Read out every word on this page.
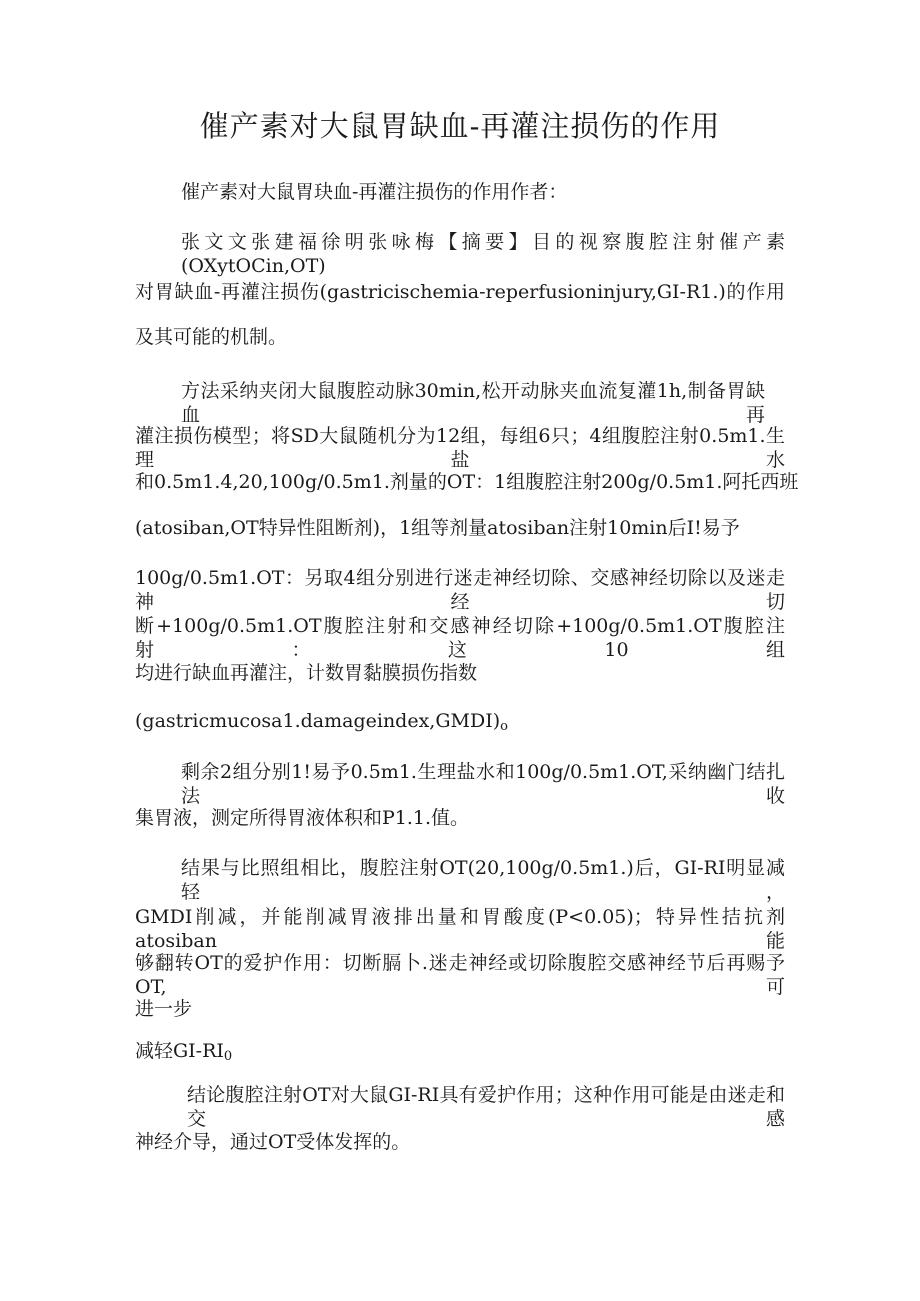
催产素对大鼠胃缺血-再灌注损伤的作用
催产素对大鼠胃玦血-再灌注损伤的作用作者：
张文文张建福徐明张咏梅【摘要】目的视察腹腔注射催产素(OXytOCin,OT)
对胃缺血-再灌注损伤(gastricischemia-reperfusioninjury,GI-R1.)的作用
及其可能的机制。
方法采纳夹闭大鼠腹腔动脉30min,松开动脉夹血流复灌1h,制备胃缺血再
灌注损伤模型；将SD大鼠随机分为12组，每组6只；4组腹腔注射0.5m1.生理盐水
和0.5m1.4,20,100g/0.5m1.剂量的OT：1组腹腔注射200g/0.5m1.阿托西班
(atosiban,OT特异性阻断剂)，1组等剂量atosiban注射10min后I!易予
100g/0.5m1.OT：另取4组分别进行迷走神经切除、交感神经切除以及迷走神经切
断+100g/0.5m1.OT腹腔注射和交感神经切除+100g/0.5m1.OT腹腔注射：这10组
均进行缺血再灌注，计数胃黏膜损伤指数
$(gastricmucosa1.damageindex,GMDI)_o$
剩余2组分别1!易予0.5m1.生理盐水和100g/0.5m1.OT,采纳幽门结扎法收
集胃液，测定所得胃液体积和P1.1.值。
结果与比照组相比，腹腔注射OT(20,100g/0.5m1.)后，GI-RI明显减轻，
GMDI削减，并能削减胃液排出量和胃酸度(P<0.05)；特异性拮抗剂atosiban能
够翻转OT的爱护作用：切断膈卜.迷走神经或切除腹腔交感神经节后再赐予OT,可
进一步
减轻$GI-RI_0$
结论腹腔注射OT对大鼠GI-RI具有爱护作用；这种作用可能是由迷走和交感
神经介导，通过OT受体发挥的。
